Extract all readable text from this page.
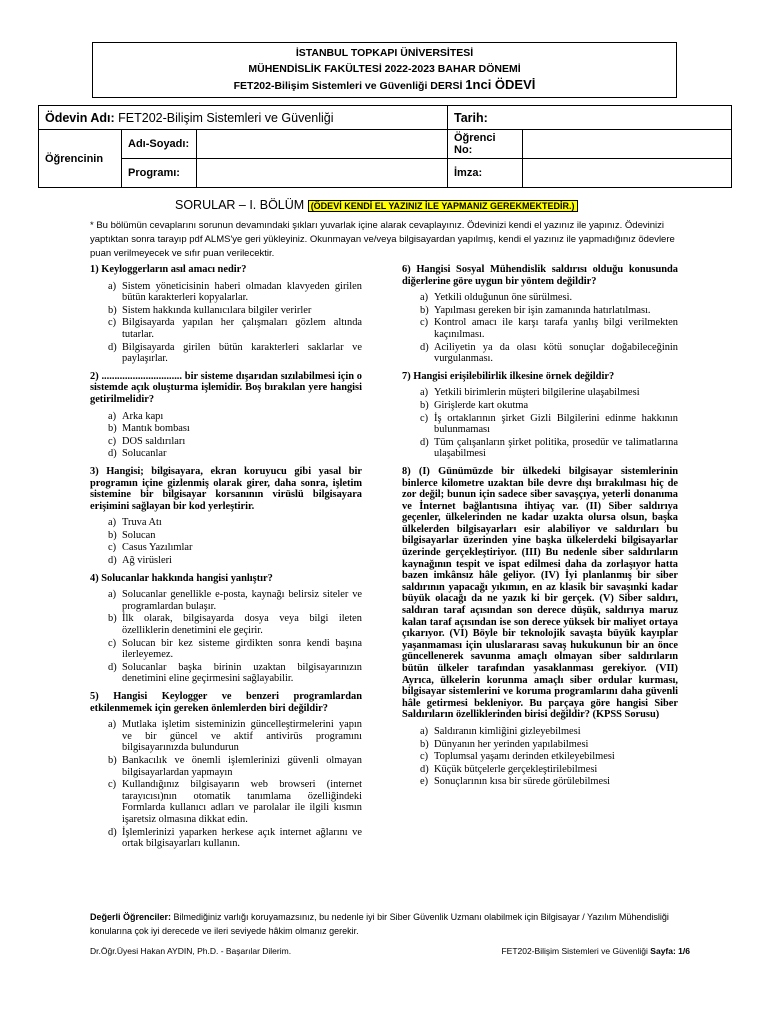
İSTANBUL TOPKAPI ÜNİVERSİTESİ
MÜHENDİSLİK FAKÜLTESİ 2022-2023 BAHAR DÖNEMİ
FET202-Bilişim Sistemleri ve Güvenliği DERSİ 1nci ÖDEVİ
Ödevin Adı: FET202-Bilişim Sistemleri ve Güvenliği			Tarih:	
Öğrencinin	Adı-Soyadı:		Öğrenci No:	
	Programı:		İmza:	
SORULAR – I. BÖLÜM (ÖDEVİ KENDİ EL YAZINIZ İLE YAPMANIZ GEREKMEKTEDİR.)
* Bu bölümün cevaplarını sorunun devamındaki şıkları yuvarlak içine alarak cevaplayınız. Ödevinizi kendi el yazınız ile yapınız. Ödevinizi yaptıktan sonra tarayıp pdf ALMS'ye geri yükleyiniz. Okunmayan ve/veya bilgisayardan yapılmış, kendi el yazınız ile yapmadığınız ödevlere puan verilmeyecek ve sıfır puan verilecektir.
1) Keyloggerların asıl amacı nedir?
a) Sistem yöneticisinin haberi olmadan klavyeden girilen bütün karakterleri kopyalarlar.
b) Sistem hakkında kullanıcılara bilgiler verirler
c) Bilgisayarda yapılan her çalışmaları gözlem altında tutarlar.
d) Bilgisayarda girilen bütün karakterleri saklarlar ve paylaşırlar.
2) ............................... bir sisteme dışarıdan sızılabilmesi için o sistemde açık oluşturma işlemidir. Boş bırakılan yere hangisi getirilmelidir?
a) Arka kapı
b) Mantık bombası
c) DOS saldırıları
d) Solucanlar
3) Hangisi; bilgisayara, ekran koruyucu gibi yasal bir programın içine gizlenmiş olarak girer, daha sonra, işletim sistemine bir bilgisayar korsanının virüslü bilgisayara erişimini sağlayan bir kod yerleştirir.
a) Truva Atı
b) Solucan
c) Casus Yazılımlar
d) Ağ virüsleri
4) Solucanlar hakkında hangisi yanlıştır?
a) Solucanlar genellikle e-posta, kaynağı belirsiz siteler ve programlardan bulaşır.
b) İlk olarak, bilgisayarda dosya veya bilgi ileten özelliklerin denetimini ele geçirir.
c) Solucan bir kez sisteme girdikten sonra kendi başına ilerleyemez.
d) Solucanlar başka birinin uzaktan bilgisayarınızın denetimini eline geçirmesini sağlayabilir.
5) Hangisi Keylogger ve benzeri programlardan etkilenmemek için gereken önlemlerden biri değildir?
a) Mutlaka işletim sisteminizin güncelleştirmelerini yapın ve bir güncel ve aktif antivirüs programını bilgisayarınızda bulundurun
b) Bankacılık ve önemli işlemlerinizi güvenli olmayan bilgisayarlardan yapmayın
c) Kullandığınız bilgisayarın web browseri (internet tarayıcısı)nın otomatik tanımlama özelliğindeki Formlarda kullanıcı adları ve parolalar ile ilgili kısmın işaretsiz olmasına dikkat edin.
d) İşlemlerinizi yaparken herkese açık internet ağlarını ve ortak bilgisayarları kullanın.
6) Hangisi Sosyal Mühendislik saldırısı olduğu konusunda diğerlerine göre uygun bir yöntem değildir?
a) Yetkili olduğunun öne sürülmesi.
b) Yapılması gereken bir işin zamanında hatırlatılması.
c) Kontrol amacı ile karşı tarafa yanlış bilgi verilmekten kaçınılması.
d) Aciliyetin ya da olası kötü sonuçlar doğabileceğinin vurgulanması.
7) Hangisi erişilebilirlik ilkesine örnek değildir?
a) Yetkili birimlerin müşteri bilgilerine ulaşabilmesi
b) Girişlerde kart okutma
c) İş ortaklarının şirket Gizli Bilgilerini edinme hakkının bulunmaması
d) Tüm çalışanların şirket politika, prosedür ve talimatlarına ulaşabilmesi
8) (I) Günümüzde bir ülkedeki bilgisayar sistemlerinin binlerce kilometre uzaktan bile devre dışı bırakılması hiç de zor değil; bunun için sadece siber savaşçıya, yeterli donanıma ve İnternet bağlantısına ihtiyaç var. (II) Siber saldırıya geçenler, ülkelerinden ne kadar uzakta olursa olsun, başka ülkelerden bilgisayarları esir alabiliyor ve saldırıları bu bilgisayarlar üzerinden yine başka ülkelerdeki bilgisayarlar üzerinde gerçekleştiriyor. (III) Bu nedenle siber saldırıların kaynağının tespit ve ispat edilmesi daha da zorlaşıyor hatta bazen imkânsız hâle geliyor. (IV) İyi planlanmış bir siber saldırının yapacağı yıkımın, en az klasik bir savaşınki kadar büyük olacağı da ne yazık ki bir gerçek. (V) Siber saldırı, saldıran taraf açısından son derece düşük, saldırıya maruz kalan taraf açısından ise son derece yüksek bir maliyet ortaya çıkarıyor. (VI) Böyle bir teknolojik savaşta büyük kayıplar yaşanmaması için uluslararası savaş hukukunun bir an önce güncellenerek savunma amaçlı olmayan siber saldırıların bütün ülkeler tarafından yasaklanması gerekiyor. (VII) Ayrıca, ülkelerin korunma amaçlı siber ordular kurması, bilgisayar sistemlerini ve koruma programlarını daha güvenli hâle getirmesi bekleniyor. Bu parçaya göre hangisi Siber Saldırıların özelliklerinden birisi değildir? (KPSS Sorusu)
a) Saldıranın kimliğini gizleyebilmesi
b) Dünyanın her yerinden yapılabilmesi
c) Toplumsal yaşamı derinden etkileyebilmesi
d) Küçük bütçelerle gerçekleştirilebilmesi
e) Sonuçlarının kısa bir sürede görülebilmesi
Değerli Öğrenciler: Bilmediğiniz varlığı koruyamazsınız, bu nedenle iyi bir Siber Güvenlik Uzmanı olabilmek için Bilgisayar / Yazılım Mühendisliği konularına çok iyi derecede ve ileri seviyede hâkim olmanız gerekir.
Dr.Öğr.Üyesi Hakan AYDIN, Ph.D. - Başarılar Dilerim.	FET202-Bilişim Sistemleri ve Güvenliği Sayfa: 1/6
